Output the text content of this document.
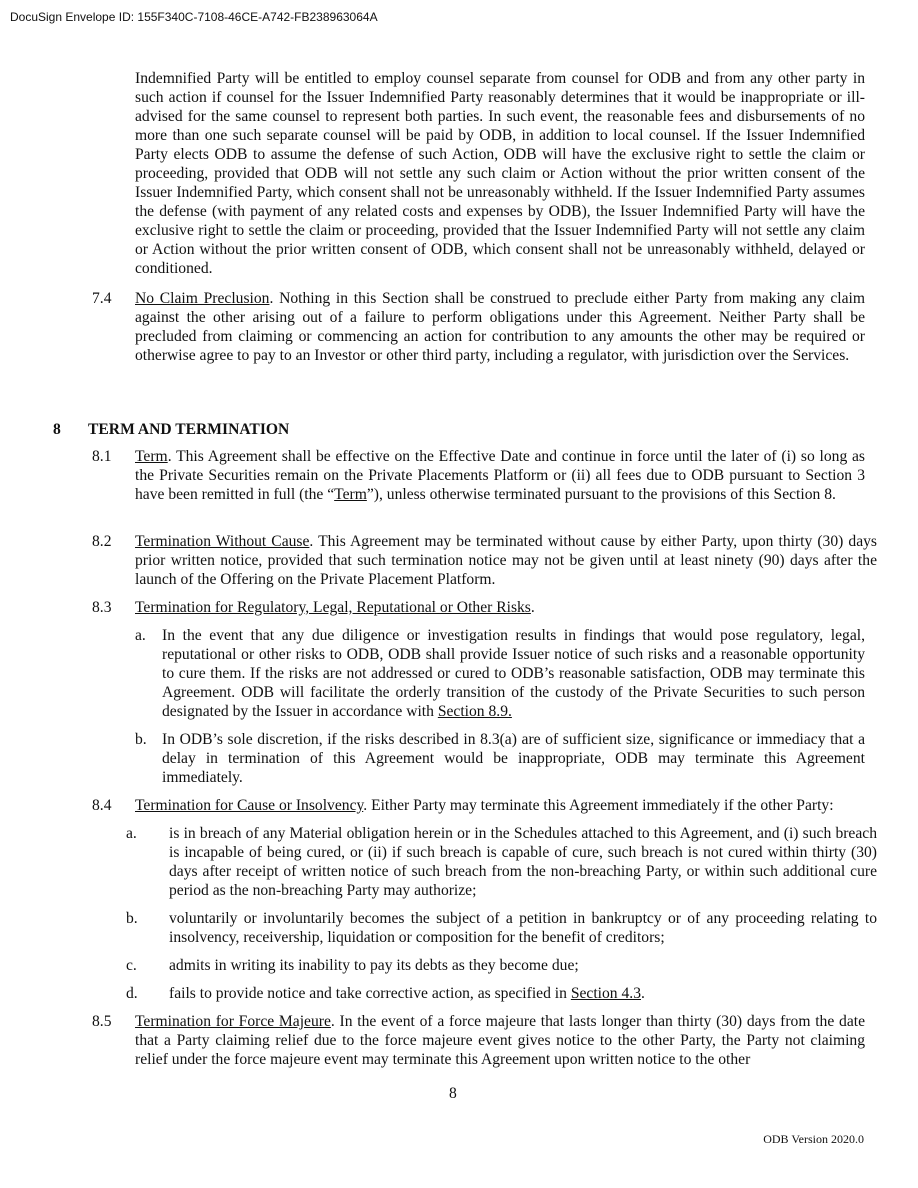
DocuSign Envelope ID: 155F340C-7108-46CE-A742-FB238963064A
Indemnified Party will be entitled to employ counsel separate from counsel for ODB and from any other party in such action if counsel for the Issuer Indemnified Party reasonably determines that it would be inappropriate or ill-advised for the same counsel to represent both parties. In such event, the reasonable fees and disbursements of no more than one such separate counsel will be paid by ODB, in addition to local counsel. If the Issuer Indemnified Party elects ODB to assume the defense of such Action, ODB will have the exclusive right to settle the claim or proceeding, provided that ODB will not settle any such claim or Action without the prior written consent of the Issuer Indemnified Party, which consent shall not be unreasonably withheld. If the Issuer Indemnified Party assumes the defense (with payment of any related costs and expenses by ODB), the Issuer Indemnified Party will have the exclusive right to settle the claim or proceeding, provided that the Issuer Indemnified Party will not settle any claim or Action without the prior written consent of ODB, which consent shall not be unreasonably withheld, delayed or conditioned.
7.4 No Claim Preclusion. Nothing in this Section shall be construed to preclude either Party from making any claim against the other arising out of a failure to perform obligations under this Agreement. Neither Party shall be precluded from claiming or commencing an action for contribution to any amounts the other may be required or otherwise agree to pay to an Investor or other third party, including a regulator, with jurisdiction over the Services.
8 TERM AND TERMINATION
8.1 Term. This Agreement shall be effective on the Effective Date and continue in force until the later of (i) so long as the Private Securities remain on the Private Placements Platform or (ii) all fees due to ODB pursuant to Section 3 have been remitted in full (the “Term”), unless otherwise terminated pursuant to the provisions of this Section 8.
8.2 Termination Without Cause. This Agreement may be terminated without cause by either Party, upon thirty (30) days prior written notice, provided that such termination notice may not be given until at least ninety (90) days after the launch of the Offering on the Private Placement Platform.
8.3 Termination for Regulatory, Legal, Reputational or Other Risks.
a. In the event that any due diligence or investigation results in findings that would pose regulatory, legal, reputational or other risks to ODB, ODB shall provide Issuer notice of such risks and a reasonable opportunity to cure them. If the risks are not addressed or cured to ODB’s reasonable satisfaction, ODB may terminate this Agreement. ODB will facilitate the orderly transition of the custody of the Private Securities to such person designated by the Issuer in accordance with Section 8.9.
b. In ODB’s sole discretion, if the risks described in 8.3(a) are of sufficient size, significance or immediacy that a delay in termination of this Agreement would be inappropriate, ODB may terminate this Agreement immediately.
8.4 Termination for Cause or Insolvency. Either Party may terminate this Agreement immediately if the other Party:
a. is in breach of any Material obligation herein or in the Schedules attached to this Agreement, and (i) such breach is incapable of being cured, or (ii) if such breach is capable of cure, such breach is not cured within thirty (30) days after receipt of written notice of such breach from the non-breaching Party, or within such additional cure period as the non-breaching Party may authorize;
b. voluntarily or involuntarily becomes the subject of a petition in bankruptcy or of any proceeding relating to insolvency, receivership, liquidation or composition for the benefit of creditors;
c. admits in writing its inability to pay its debts as they become due;
d. fails to provide notice and take corrective action, as specified in Section 4.3.
8.5 Termination for Force Majeure. In the event of a force majeure that lasts longer than thirty (30) days from the date that a Party claiming relief due to the force majeure event gives notice to the other Party, the Party not claiming relief under the force majeure event may terminate this Agreement upon written notice to the other
8
ODB Version 2020.0
